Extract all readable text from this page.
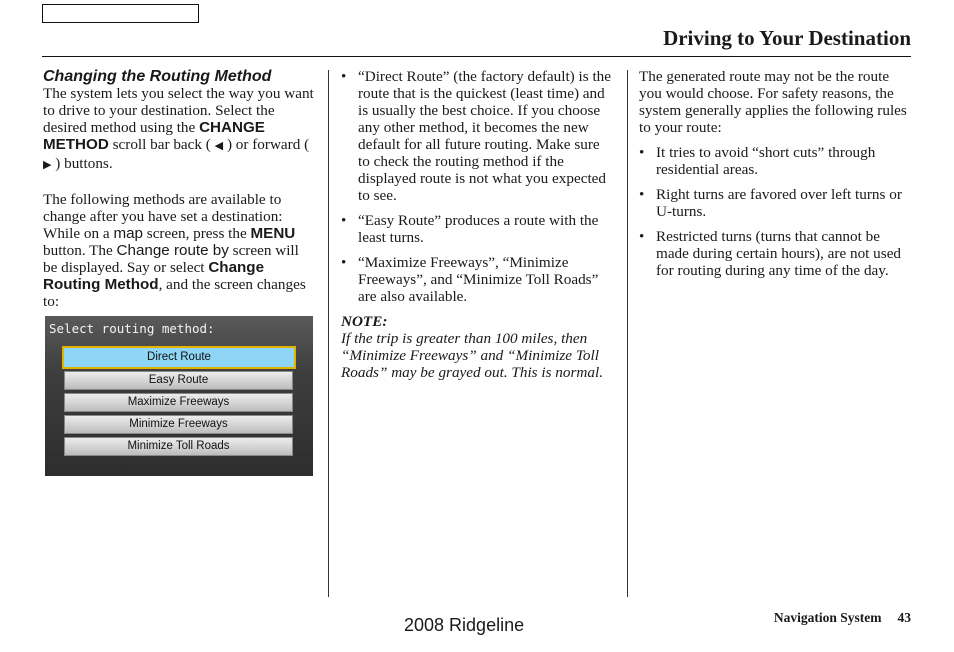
Driving to Your Destination

Changing the Routing Method

The system lets you select the way you want to drive to your destination. Select the desired method using the CHANGE METHOD scroll bar back ( ◀ ) or forward ( ▶ ) buttons.

The following methods are available to change after you have set a destination: While on a map screen, press the MENU button. The Change route by screen will be displayed. Say or select Change Routing Method, and the screen changes to:

Select routing method:
Direct Route
Easy Route
Maximize Freeways
Minimize Freeways
Minimize Toll Roads
• “Direct Route” (the factory default) is the route that is the quickest (least time) and is usually the best choice. If you choose any other method, it becomes the new default for all future routing. Make sure to check the routing method if the displayed route is not what you expected to see.
• “Easy Route” produces a route with the least turns.
• “Maximize Freeways”, “Minimize Freeways”, and “Minimize Toll Roads” are also available.

NOTE:

If the trip is greater than 100 miles, then “Minimize Freeways” and “Minimize Toll Roads” may be grayed out. This is normal.

The generated route may not be the route you would choose. For safety reasons, the system generally applies the following rules to your route:

• It tries to avoid “short cuts” through residential areas.
• Right turns are favored over left turns or U-turns.
• Restricted turns (turns that cannot be made during certain hours), are not used for routing during any time of the day.
2008 Ridgeline	Navigation System 43
